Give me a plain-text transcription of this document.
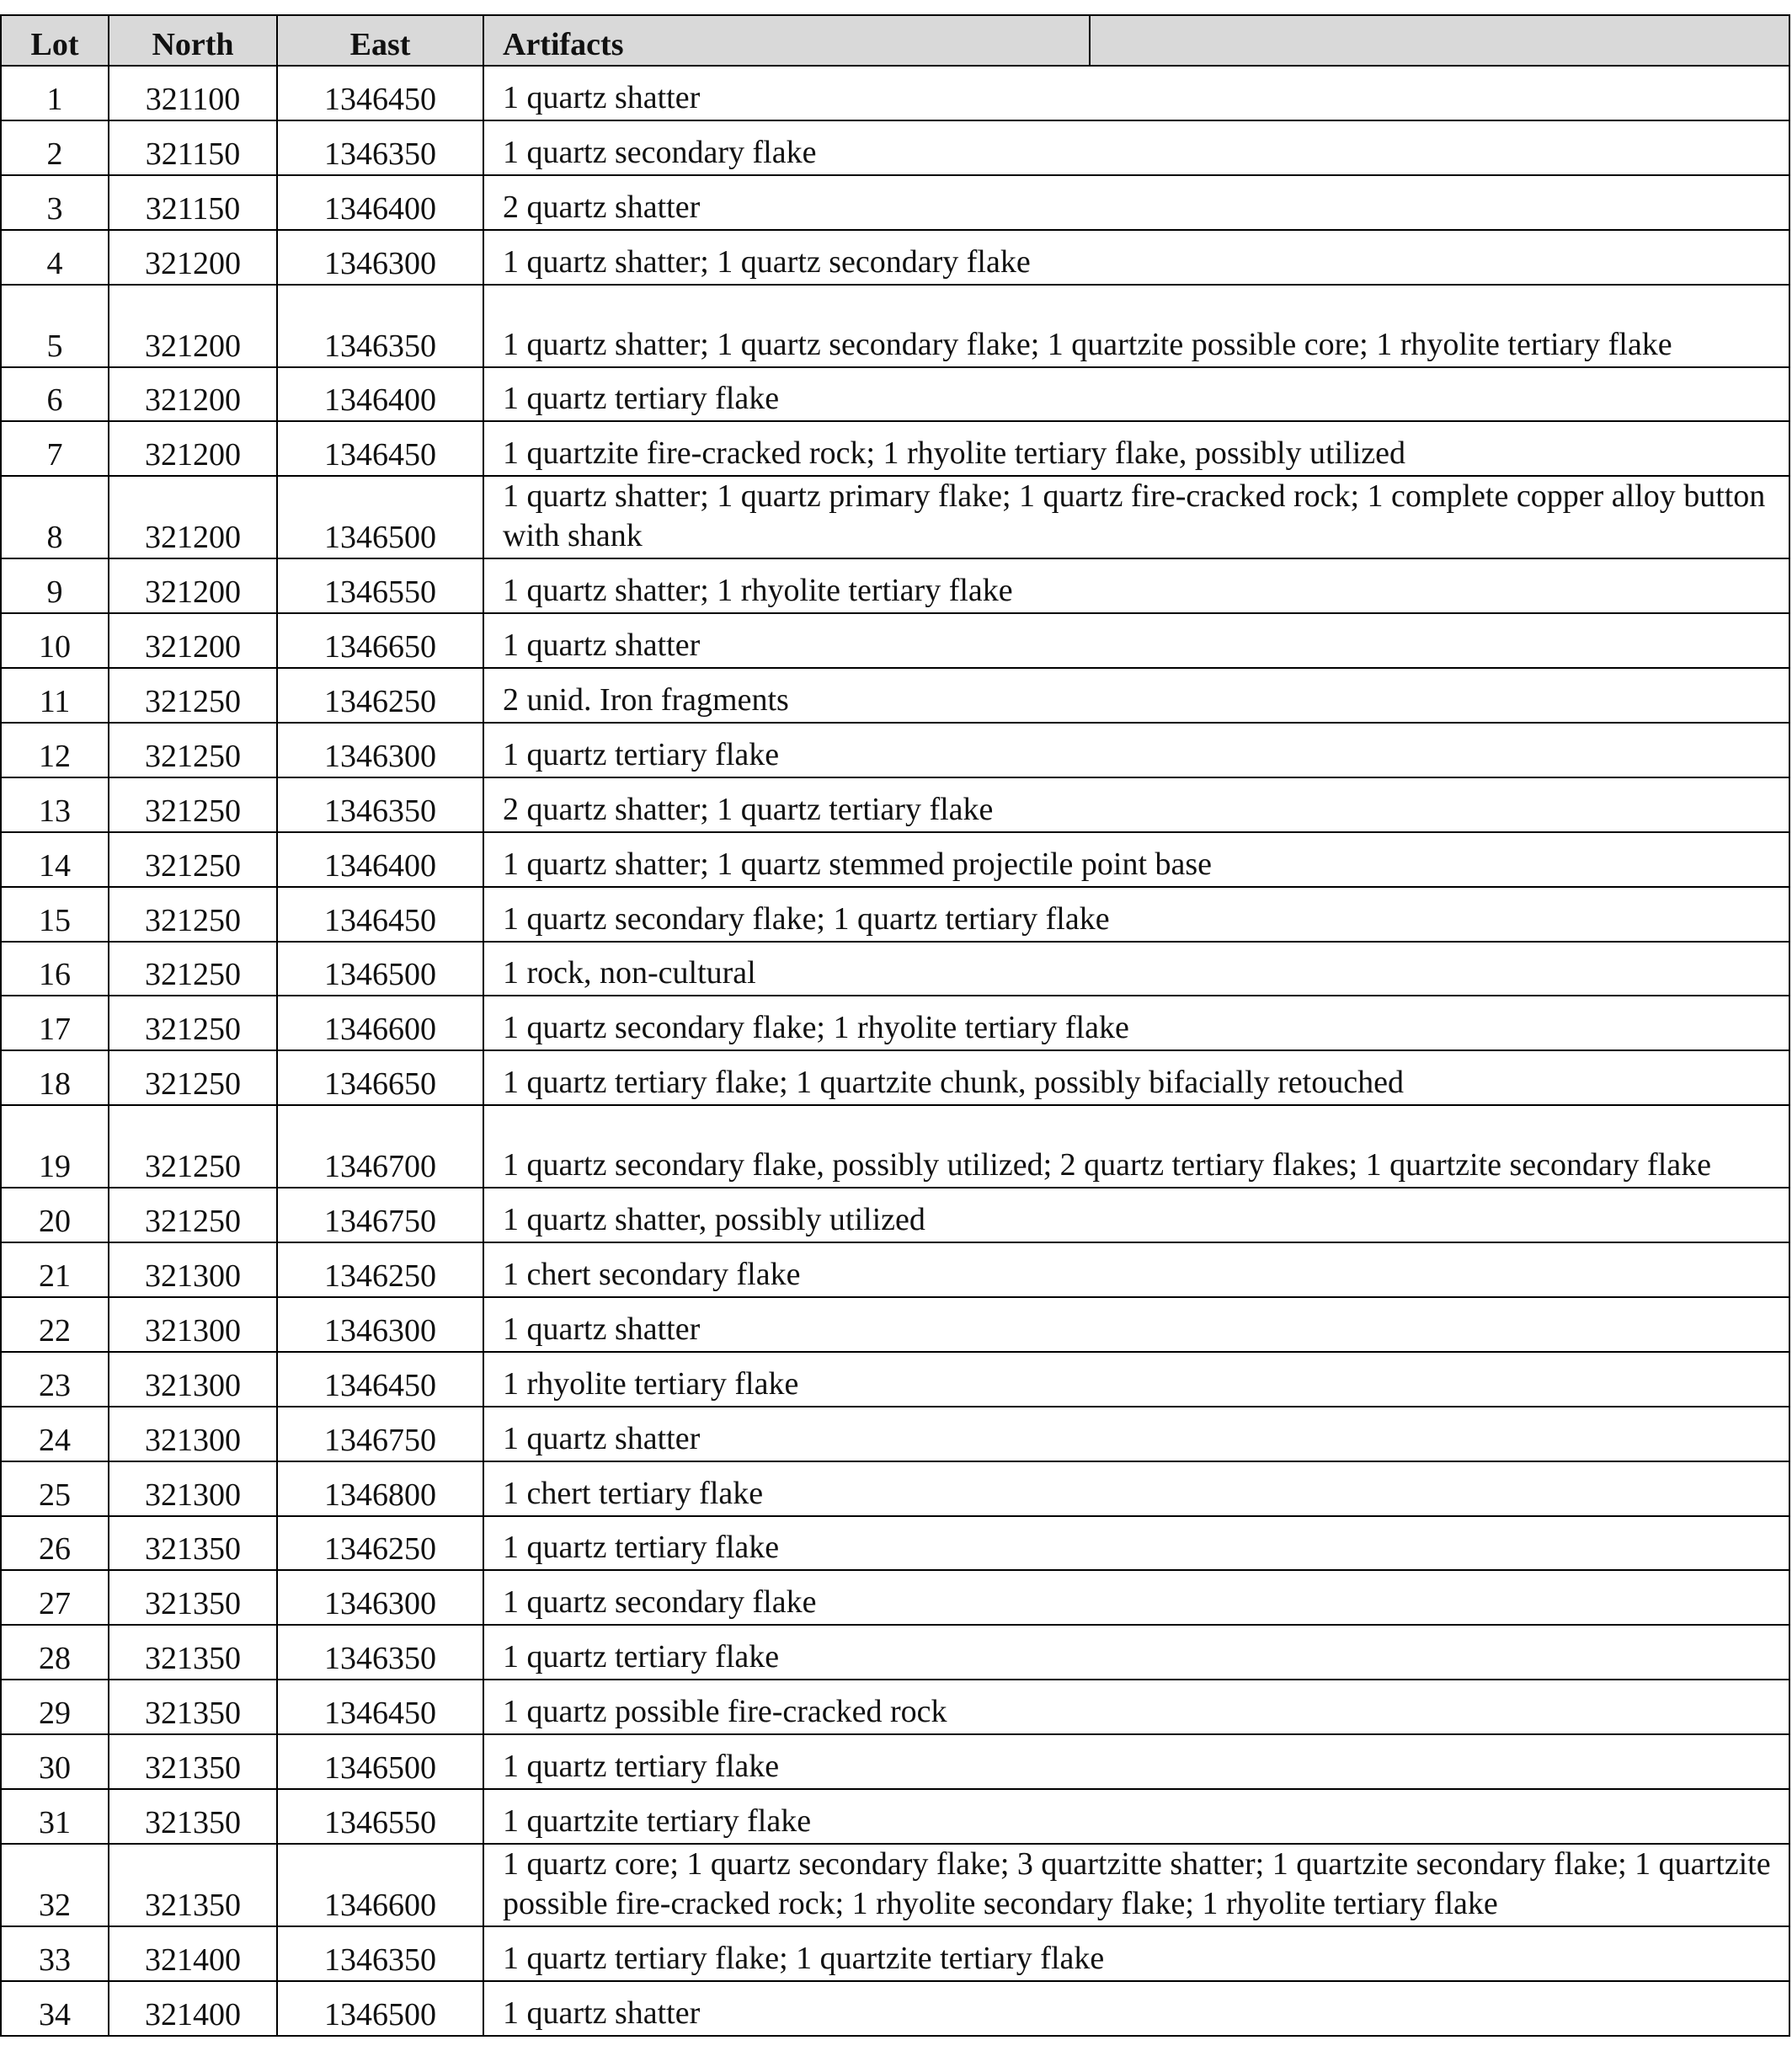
Lot	North	East	Artifacts	
1	321100	1346450	1 quartz shatter	
2	321150	1346350	1 quartz secondary flake	
3	321150	1346400	2 quartz shatter	
4	321200	1346300	1 quartz shatter; 1 quartz secondary flake	
5	321200	1346350	1 quartz shatter; 1 quartz secondary flake; 1 quartzite possible core; 1 rhyolite tertiary flake	
6	321200	1346400	1 quartz tertiary flake	
7	321200	1346450	1 quartzite fire-cracked rock; 1 rhyolite tertiary flake, possibly utilized	
8	321200	1346500	1 quartz shatter; 1 quartz primary flake; 1 quartz fire-cracked rock; 1 complete copper alloy button with shank	
9	321200	1346550	1 quartz shatter; 1 rhyolite tertiary flake	
10	321200	1346650	1 quartz shatter	
11	321250	1346250	2 unid. Iron fragments	
12	321250	1346300	1 quartz tertiary flake	
13	321250	1346350	2 quartz shatter; 1 quartz tertiary flake	
14	321250	1346400	1 quartz shatter; 1 quartz stemmed projectile point base	
15	321250	1346450	1 quartz secondary flake; 1 quartz tertiary flake	
16	321250	1346500	1 rock, non-cultural	
17	321250	1346600	1 quartz secondary flake; 1 rhyolite tertiary flake	
18	321250	1346650	1 quartz tertiary flake; 1 quartzite chunk, possibly bifacially retouched	
19	321250	1346700	1 quartz secondary flake, possibly utilized; 2 quartz tertiary flakes; 1 quartzite secondary flake	
20	321250	1346750	1 quartz shatter, possibly utilized	
21	321300	1346250	1 chert secondary flake	
22	321300	1346300	1 quartz shatter	
23	321300	1346450	1 rhyolite tertiary flake	
24	321300	1346750	1 quartz shatter	
25	321300	1346800	1 chert tertiary flake	
26	321350	1346250	1 quartz tertiary flake	
27	321350	1346300	1 quartz secondary flake	
28	321350	1346350	1 quartz tertiary flake	
29	321350	1346450	1 quartz possible fire-cracked rock	
30	321350	1346500	1 quartz tertiary flake	
31	321350	1346550	1 quartzite tertiary flake	
32	321350	1346600	1 quartz core; 1 quartz secondary flake; 3 quartzitte shatter; 1 quartzite secondary flake; 1 quartzite possible fire-cracked rock; 1 rhyolite secondary flake; 1 rhyolite tertiary flake	
33	321400	1346350	1 quartz tertiary flake; 1 quartzite tertiary flake	
34	321400	1346500	1 quartz shatter	
